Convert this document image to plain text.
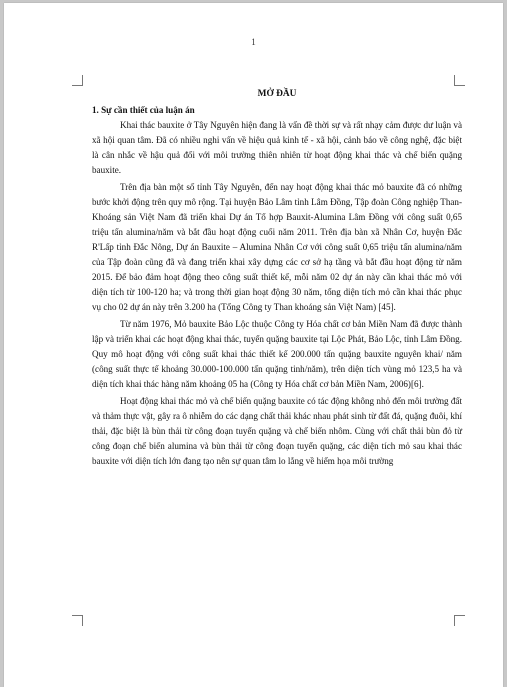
1

MỞ ĐẦU

1. Sự cần thiết của luận án

Khai thác bauxite ở Tây Nguyên hiện đang là vấn đề thời sự và rất nhạy cảm được dư luận và xã hội quan tâm. Đã có nhiều nghi vấn về hiệu quả kinh tế - xã hội, cảnh báo về công nghệ, đặc biệt là cân nhắc về hậu quả đối với môi trường thiên nhiên từ hoạt động khai thác và chế biến quặng bauxite.

Trên địa bàn một số tỉnh Tây Nguyên, đến nay hoạt động khai thác mỏ bauxite đã có những bước khởi động trên quy mô rộng. Tại huyện Bảo Lâm tỉnh Lâm Đồng, Tập đoàn Công nghiệp Than- Khoáng sản Việt Nam đã triển khai Dự án Tổ hợp Bauxit-Alumina Lâm Đồng với công suất 0,65 triệu tấn alumina/năm và bắt đầu hoạt động cuối năm 2011. Trên địa bàn xã Nhân Cơ, huyện Đắc R'Lấp tỉnh Đắc Nông, Dự án Bauxite – Alumina Nhân Cơ với công suất 0,65 triệu tấn alumina/năm của Tập đoàn cũng đã và đang triển khai xây dựng các cơ sở hạ tầng và bắt đầu hoạt động từ năm 2015. Để bảo đảm hoạt động theo công suất thiết kế, mỗi năm 02 dự án này cần khai thác mỏ với diện tích từ 100-120 ha; và trong thời gian hoạt động 30 năm, tổng diện tích mỏ cần khai thác phục vụ cho 02 dự án này trên 3.200 ha (Tổng Công ty Than khoáng sản Việt Nam) [45].

Từ năm 1976, Mỏ bauxite Bảo Lộc thuộc Công ty Hóa chất cơ bản Miền Nam đã được thành lập và triển khai các hoạt động khai thác, tuyển quặng bauxite tại Lộc Phát, Bảo Lộc, tỉnh Lâm Đồng. Quy mô hoạt động với công suất khai thác thiết kế 200.000 tấn quặng bauxite nguyên khai/ năm (công suất thực tế khoảng 30.000-100.000 tấn quặng tinh/năm), trên diện tích vùng mỏ 123,5 ha và diện tích khai thác hàng năm khoảng 05 ha (Công ty Hóa chất cơ bản Miền Nam, 2006)[6].

Hoạt động khai thác mỏ và chế biến quặng bauxite có tác động không nhỏ đến môi trường đất và thảm thực vật, gây ra ô nhiễm do các dạng chất thải khác nhau phát sinh từ đất đá, quặng đuôi, khí thải, đặc biệt là bùn thải từ công đoạn tuyển quặng và chế biến nhôm. Cùng với chất thải bùn đỏ từ công đoạn chế biến alumina và bùn thải từ công đoạn tuyển quặng, các diện tích mỏ sau khai thác bauxite với diện tích lớn đang tạo nên sự quan tâm lo lắng về hiểm họa môi trường
